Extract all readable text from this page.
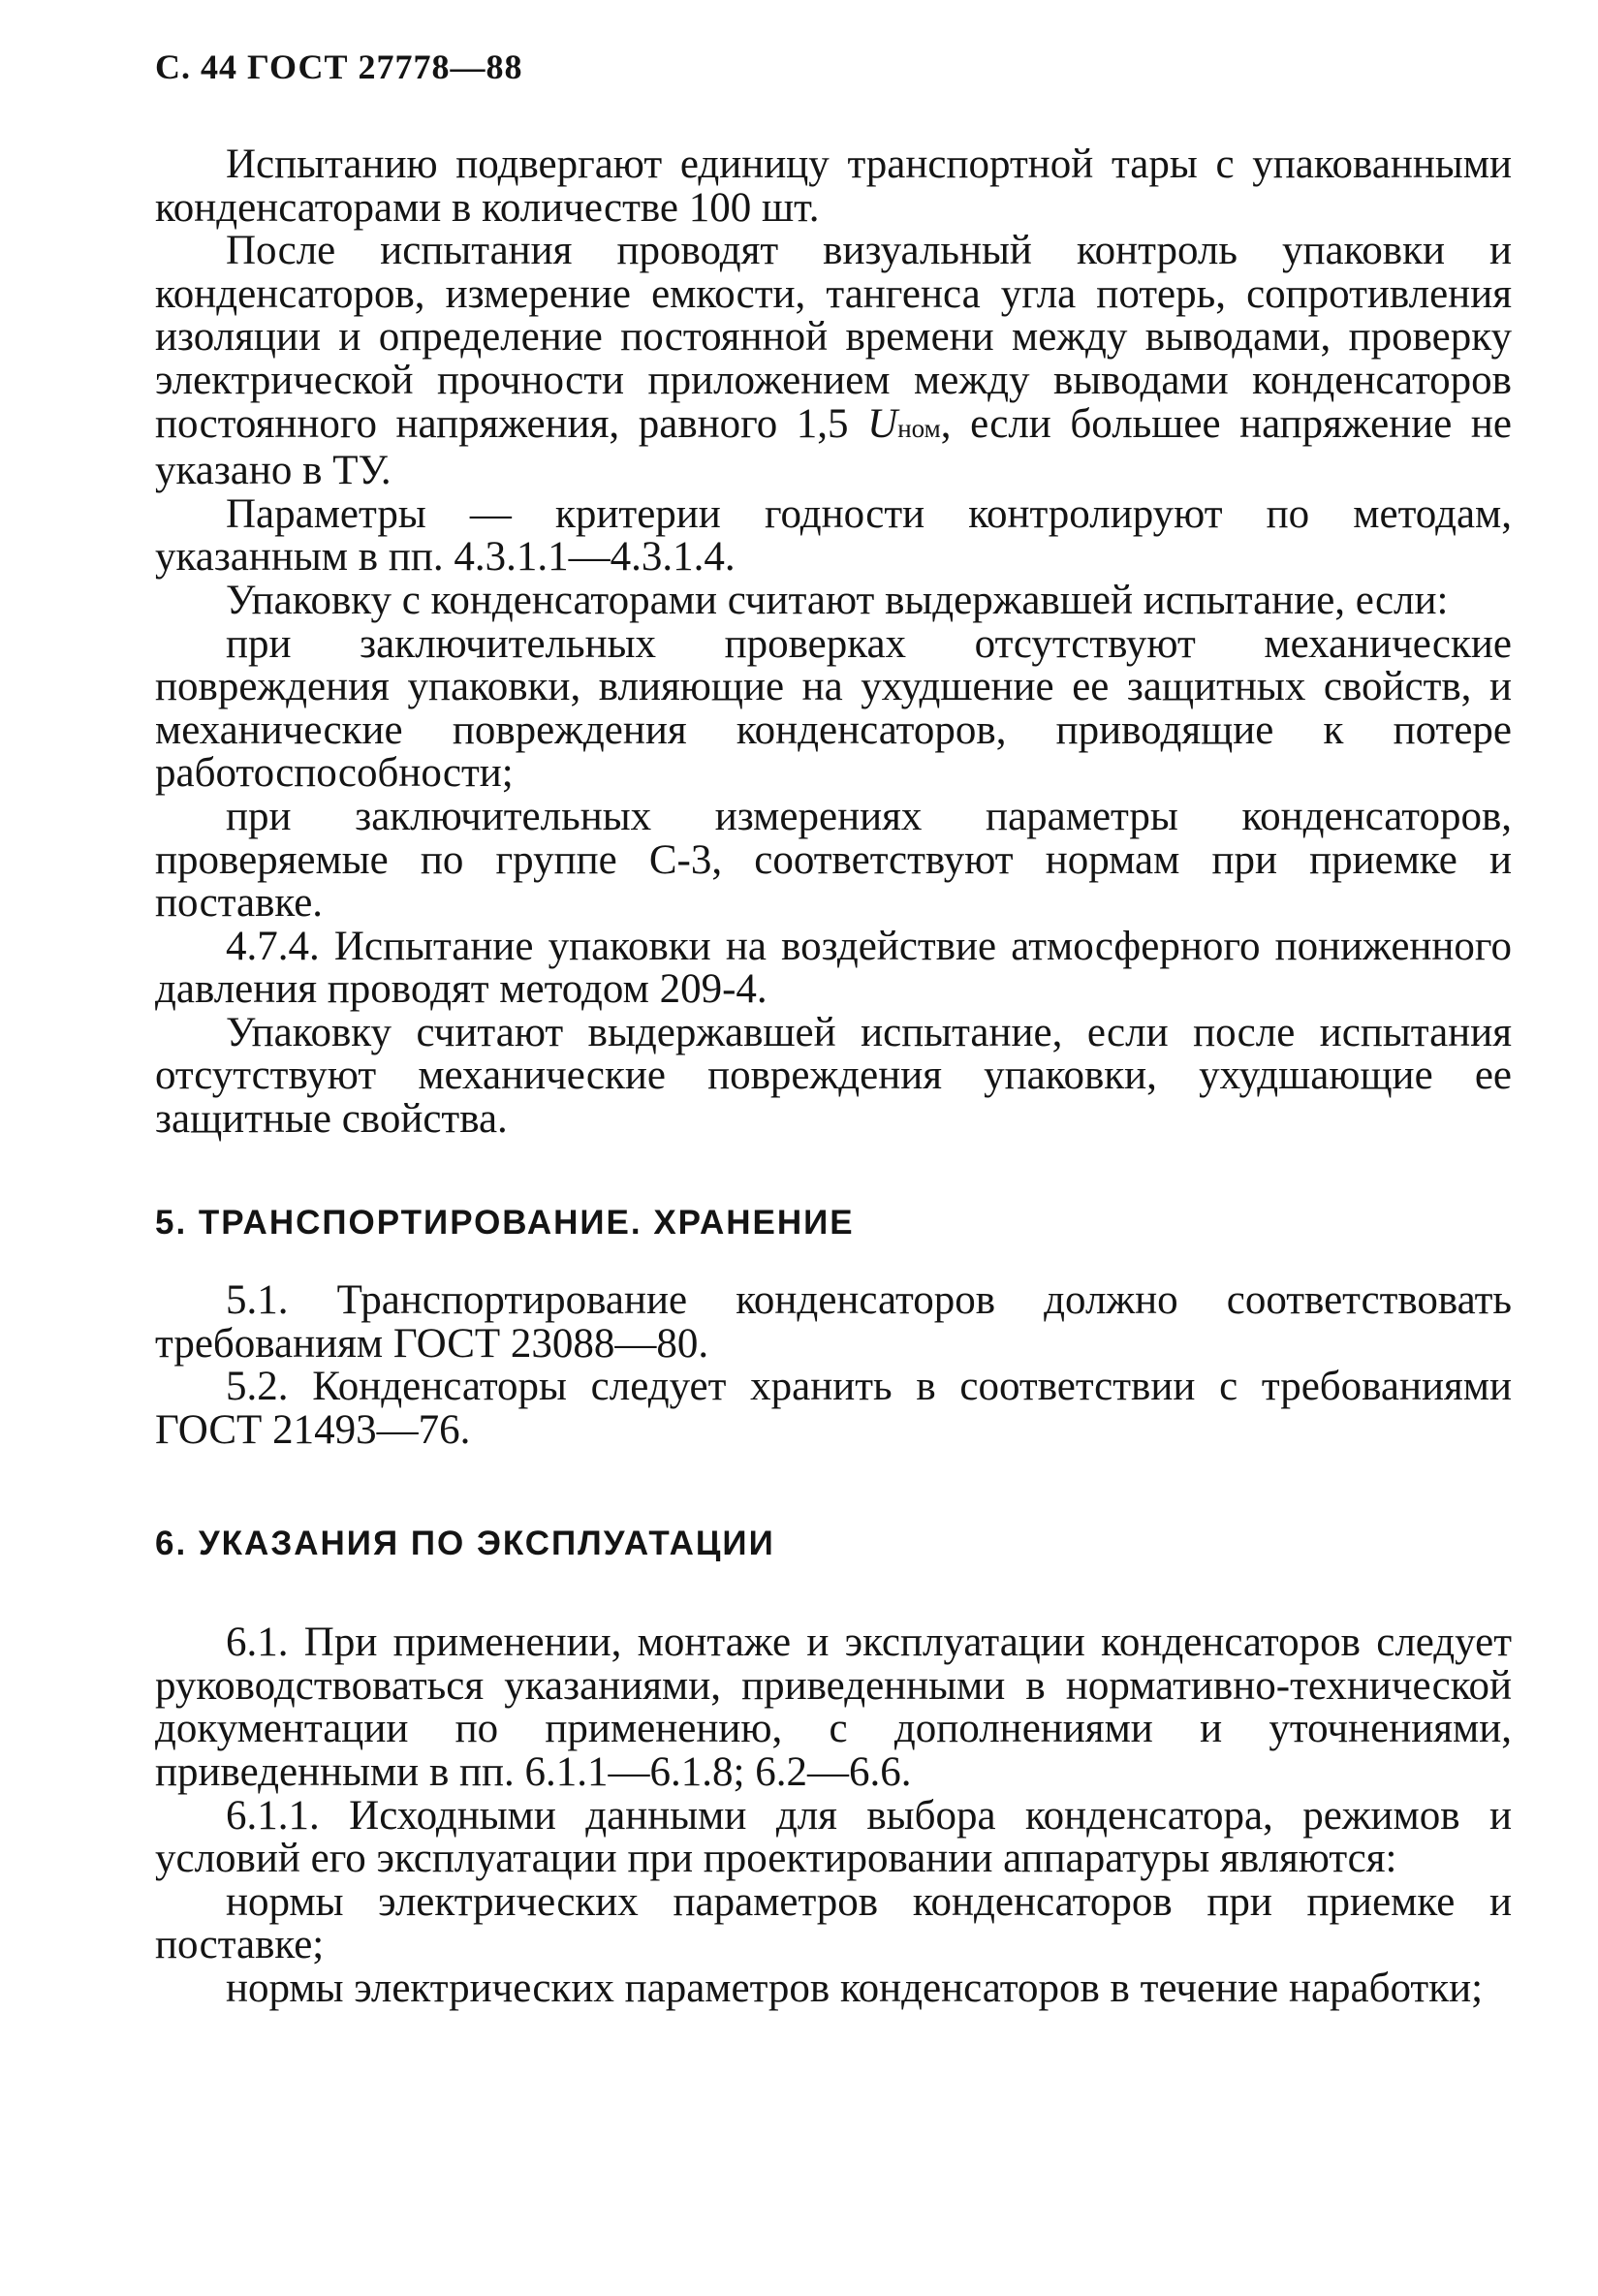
С. 44 ГОСТ 27778—88

Испытанию подвергают единицу транспортной тары с упакованными конденсаторами в количестве 100 шт.

После испытания проводят визуальный контроль упаковки и конденсаторов, измерение емкости, тангенса угла потерь, сопротивления изоляции и определение постоянной времени между выводами, проверку электрической прочности приложением между выводами конденсаторов постоянного напряжения, равного 1,5 Uном, если большее напряжение не указано в ТУ.

Параметры — критерии годности контролируют по методам, указанным в пп. 4.3.1.1—4.3.1.4.

Упаковку с конденсаторами считают выдержавшей испытание, если:

при заключительных проверках отсутствуют механические повреждения упаковки, влияющие на ухудшение ее защитных свойств, и механические повреждения конденсаторов, приводящие к потере работоспособности;

при заключительных измерениях параметры конденсаторов, проверяемые по группе С-3, соответствуют нормам при приемке и поставке.

4.7.4. Испытание упаковки на воздействие атмосферного пониженного давления проводят методом 209-4.

Упаковку считают выдержавшей испытание, если после испытания отсутствуют механические повреждения упаковки, ухудшающие ее защитные свойства.

5. ТРАНСПОРТИРОВАНИЕ. ХРАНЕНИЕ

5.1. Транспортирование конденсаторов должно соответствовать требованиям ГОСТ 23088—80.

5.2. Конденсаторы следует хранить в соответствии с требованиями ГОСТ 21493—76.

6. УКАЗАНИЯ ПО ЭКСПЛУАТАЦИИ

6.1. При применении, монтаже и эксплуатации конденсаторов следует руководствоваться указаниями, приведенными в нормативно-технической документации по применению, с дополнениями и уточнениями, приведенными в пп. 6.1.1—6.1.8; 6.2—6.6.

6.1.1. Исходными данными для выбора конденсатора, режимов и условий его эксплуатации при проектировании аппаратуры являются:

нормы электрических параметров конденсаторов при приемке и поставке;

нормы электрических параметров конденсаторов в течение наработки;
